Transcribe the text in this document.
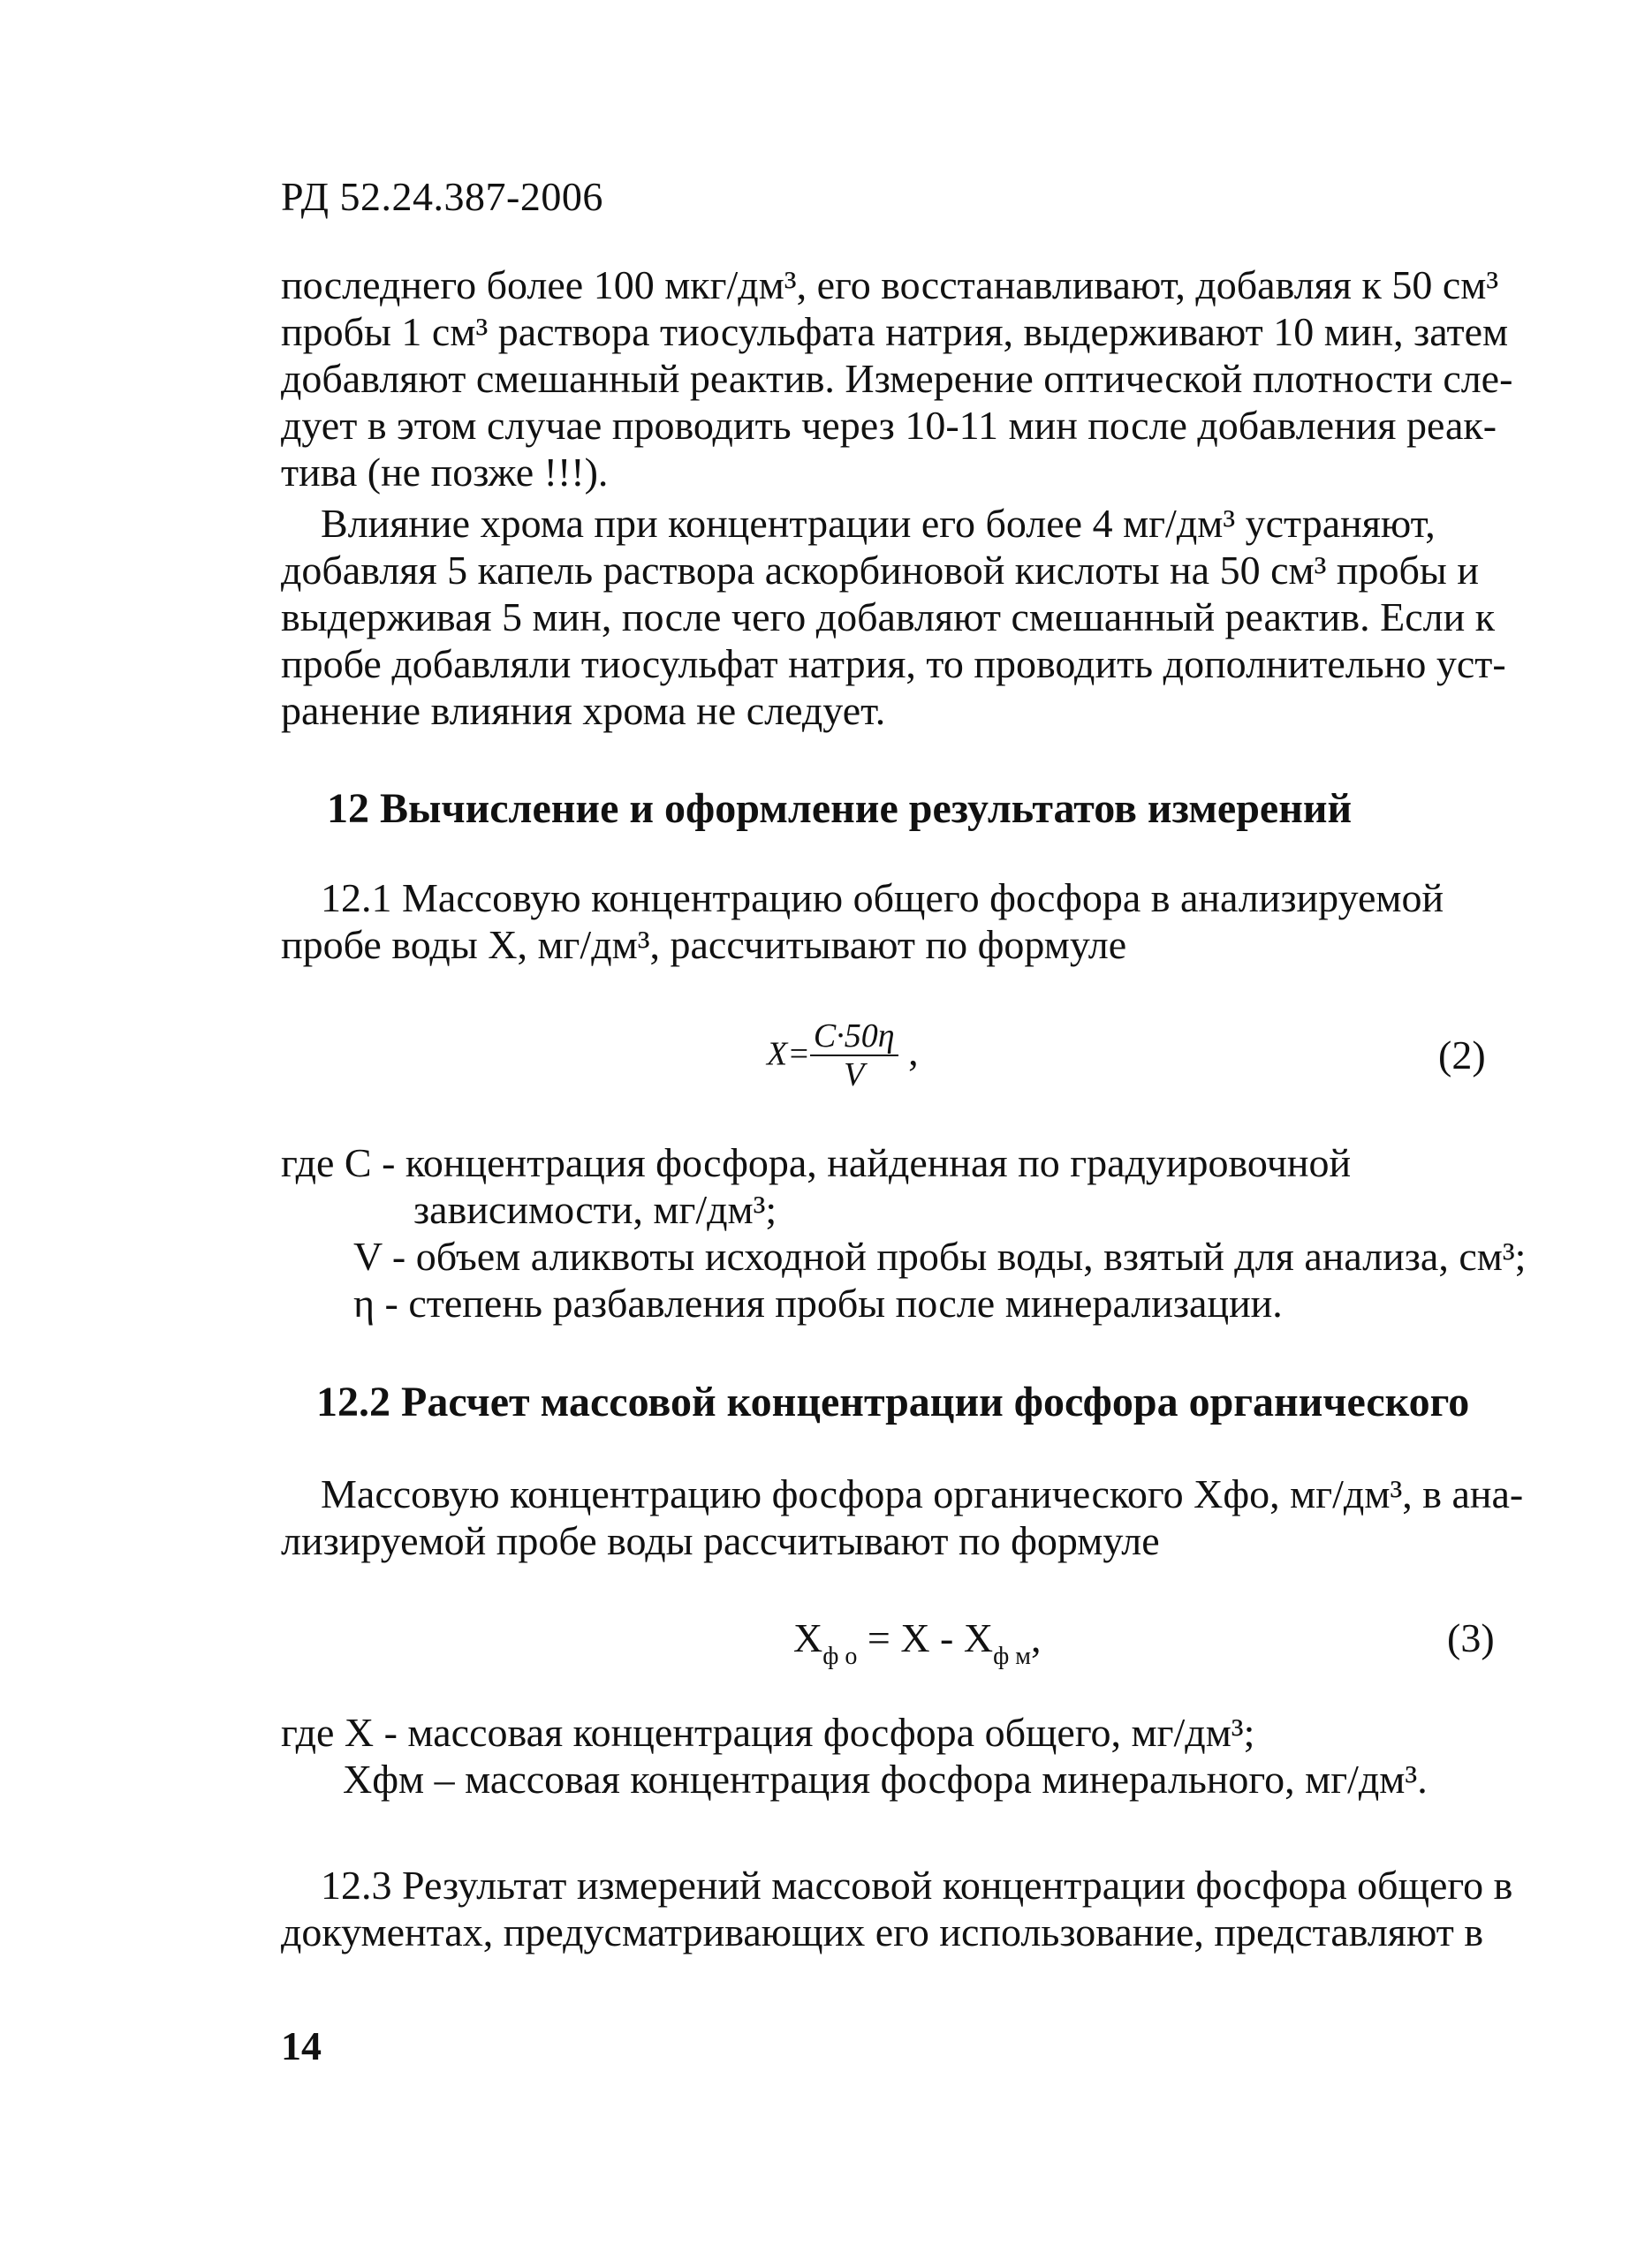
РД 52.24.387-2006
последнего более 100 мкг/дм³, его восстанавливают, добавляя к 50 см³
пробы 1 см³ раствора тиосульфата натрия, выдерживают 10 мин, затем
добавляют смешанный реактив. Измерение оптической плотности сле-
дует в этом случае проводить через 10-11 мин после добавления реак-
тива (не позже !!!).
Влияние хрома при концентрации его более 4 мг/дм³ устраняют,
добавляя 5 капель раствора аскорбиновой кислоты на 50 см³ пробы и
выдерживая 5 мин, после чего добавляют смешанный реактив. Если к
пробе добавляли тиосульфат натрия, то проводить дополнительно уст-
ранение влияния хрома не следует.
12 Вычисление и оформление результатов измерений
12.1 Массовую концентрацию общего фосфора в анализируемой
пробе воды X, мг/дм³, рассчитывают по формуле
$X= \frac{C\cdot 50\eta}{V}$ ,	(2)
где C - концентрация фосфора, найденная по градуировочной
зависимости, мг/дм³;
V - объем аликвоты исходной пробы воды, взятый для анализа, см³;
η - степень разбавления пробы после минерализации.
12.2 Расчет массовой концентрации фосфора органического
Массовую концентрацию фосфора органического Xфо, мг/дм³, в ана-
лизируемой пробе воды рассчитывают по формуле
$X_{ф о} = X - X_{ф м}$,	(3)
где X - массовая концентрация фосфора общего, мг/дм³;
Xфм – массовая концентрация фосфора минерального, мг/дм³.
12.3 Результат измерений массовой концентрации фосфора общего в
документах, предусматривающих его использование, представляют в
14
